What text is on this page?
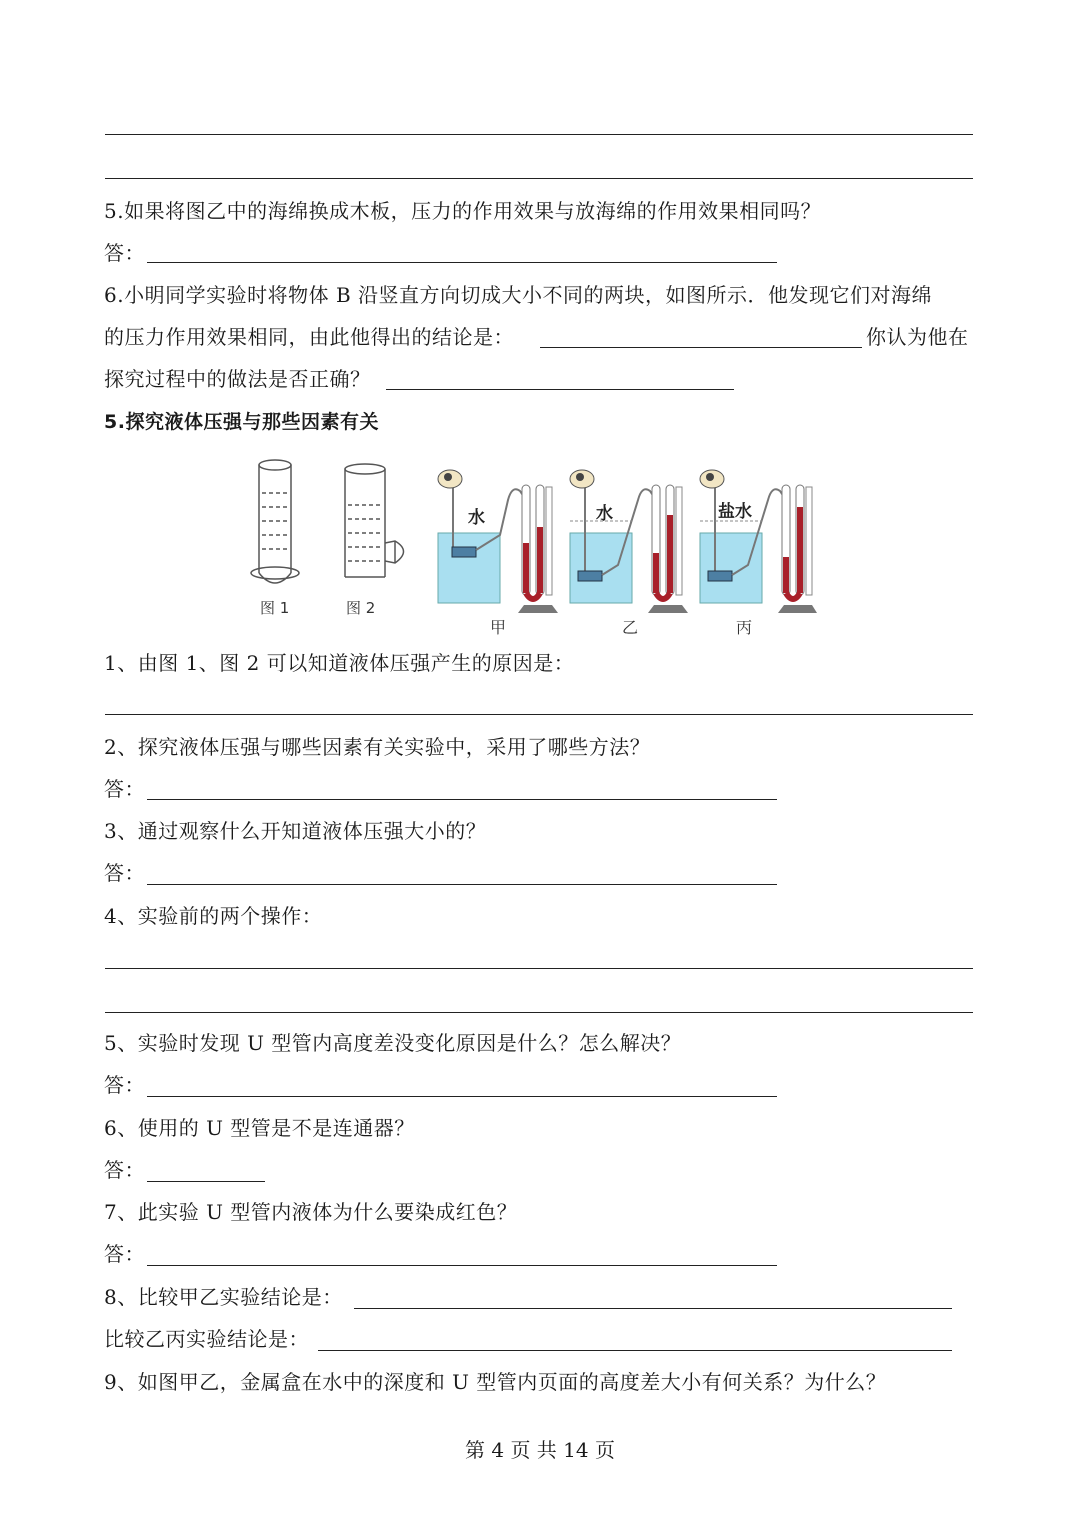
5.如果将图乙中的海绵换成木板，压力的作用效果与放海绵的作用效果相同吗？
答：
6.小明同学实验时将物体 B 沿竖直方向切成大小不同的两块，如图所示．他发现它们对海绵
的压力作用效果相同，由此他得出的结论是：	你认为他在
探究过程中的做法是否正确？
5.探究液体压强与那些因素有关
图 1	图 2
水
甲
水
乙
盐水
丙
1、由图 1、图 2 可以知道液体压强产生的原因是：
2、探究液体压强与哪些因素有关实验中，采用了哪些方法？
答：
3、通过观察什么开知道液体压强大小的？
答：
4、实验前的两个操作：
5、实验时发现 U 型管内高度差没变化原因是什么？怎么解决？
答：
6、使用的 U 型管是不是连通器？
答：
7、此实验 U 型管内液体为什么要染成红色？
答：
8、比较甲乙实验结论是：
比较乙丙实验结论是：
9、如图甲乙，金属盒在水中的深度和 U 型管内页面的高度差大小有何关系？为什么？
第 4 页 共 14 页
